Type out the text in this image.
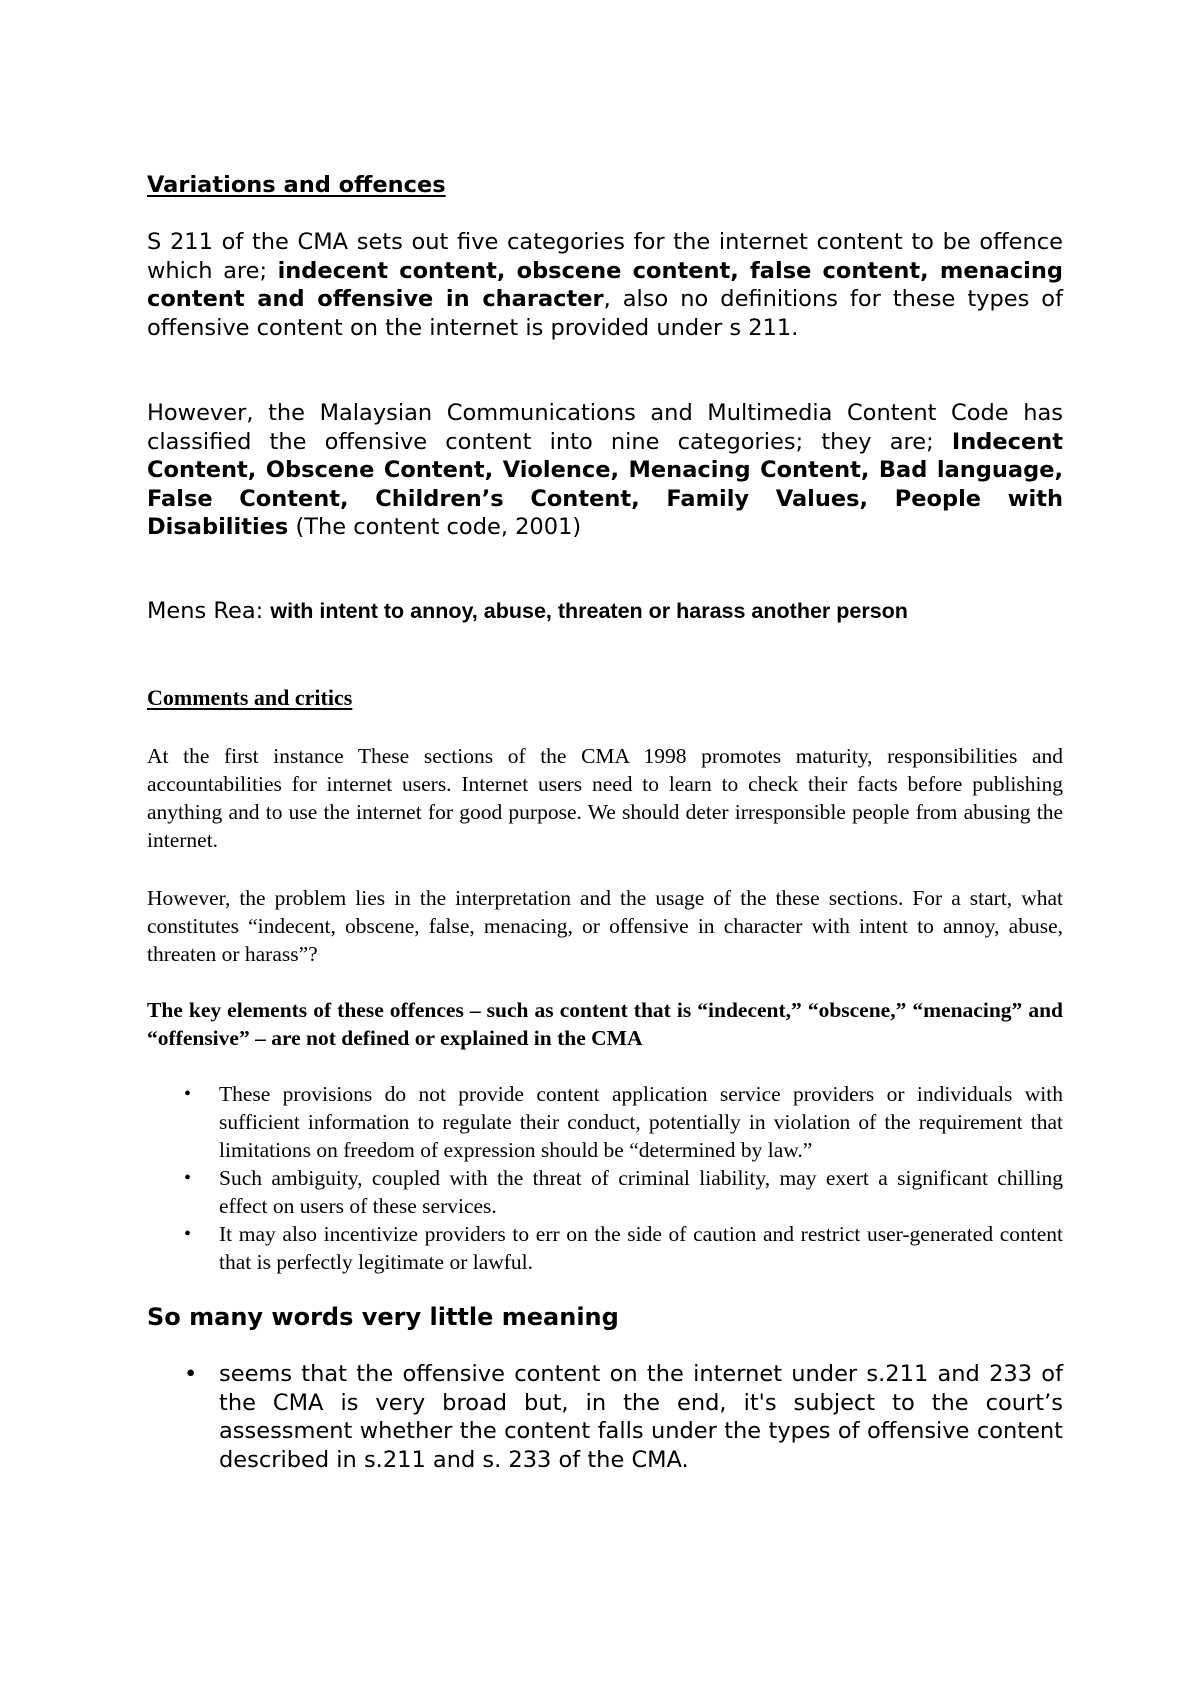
Variations and offences

S 211 of the CMA sets out five categories for the internet content to be offence which are; indecent content, obscene content, false content, menacing content and offensive in character, also no definitions for these types of offensive content on the internet is provided under s 211.

However, the Malaysian Communications and Multimedia Content Code has classified the offensive content into nine categories; they are; Indecent Content, Obscene Content, Violence, Menacing Content, Bad language, False Content, Children’s Content, Family Values, People with Disabilities (The content code, 2001)

Mens Rea: with intent to annoy, abuse, threaten or harass another person

Comments and critics

At the first instance These sections of the CMA 1998 promotes maturity, responsibilities and accountabilities for internet users. Internet users need to learn to check their facts before publishing anything and to use the internet for good purpose. We should deter irresponsible people from abusing the internet.

However, the problem lies in the interpretation and the usage of the these sections. For a start, what constitutes “indecent, obscene, false, menacing, or offensive in character with intent to annoy, abuse, threaten or harass”?

The key elements of these offences – such as content that is “indecent,” “obscene,” “menacing” and “offensive” – are not defined or explained in the CMA

• These provisions do not provide content application service providers or individuals with sufficient information to regulate their conduct, potentially in violation of the requirement that limitations on freedom of expression should be “determined by law.”
• Such ambiguity, coupled with the threat of criminal liability, may exert a significant chilling effect on users of these services.
• It may also incentivize providers to err on the side of caution and restrict user-generated content that is perfectly legitimate or lawful.
So many words very little meaning
• seems that the offensive content on the internet under s.211 and 233 of the CMA is very broad but, in the end, it's subject to the court’s assessment whether the content falls under the types of offensive content described in s.211 and s. 233 of the CMA.
